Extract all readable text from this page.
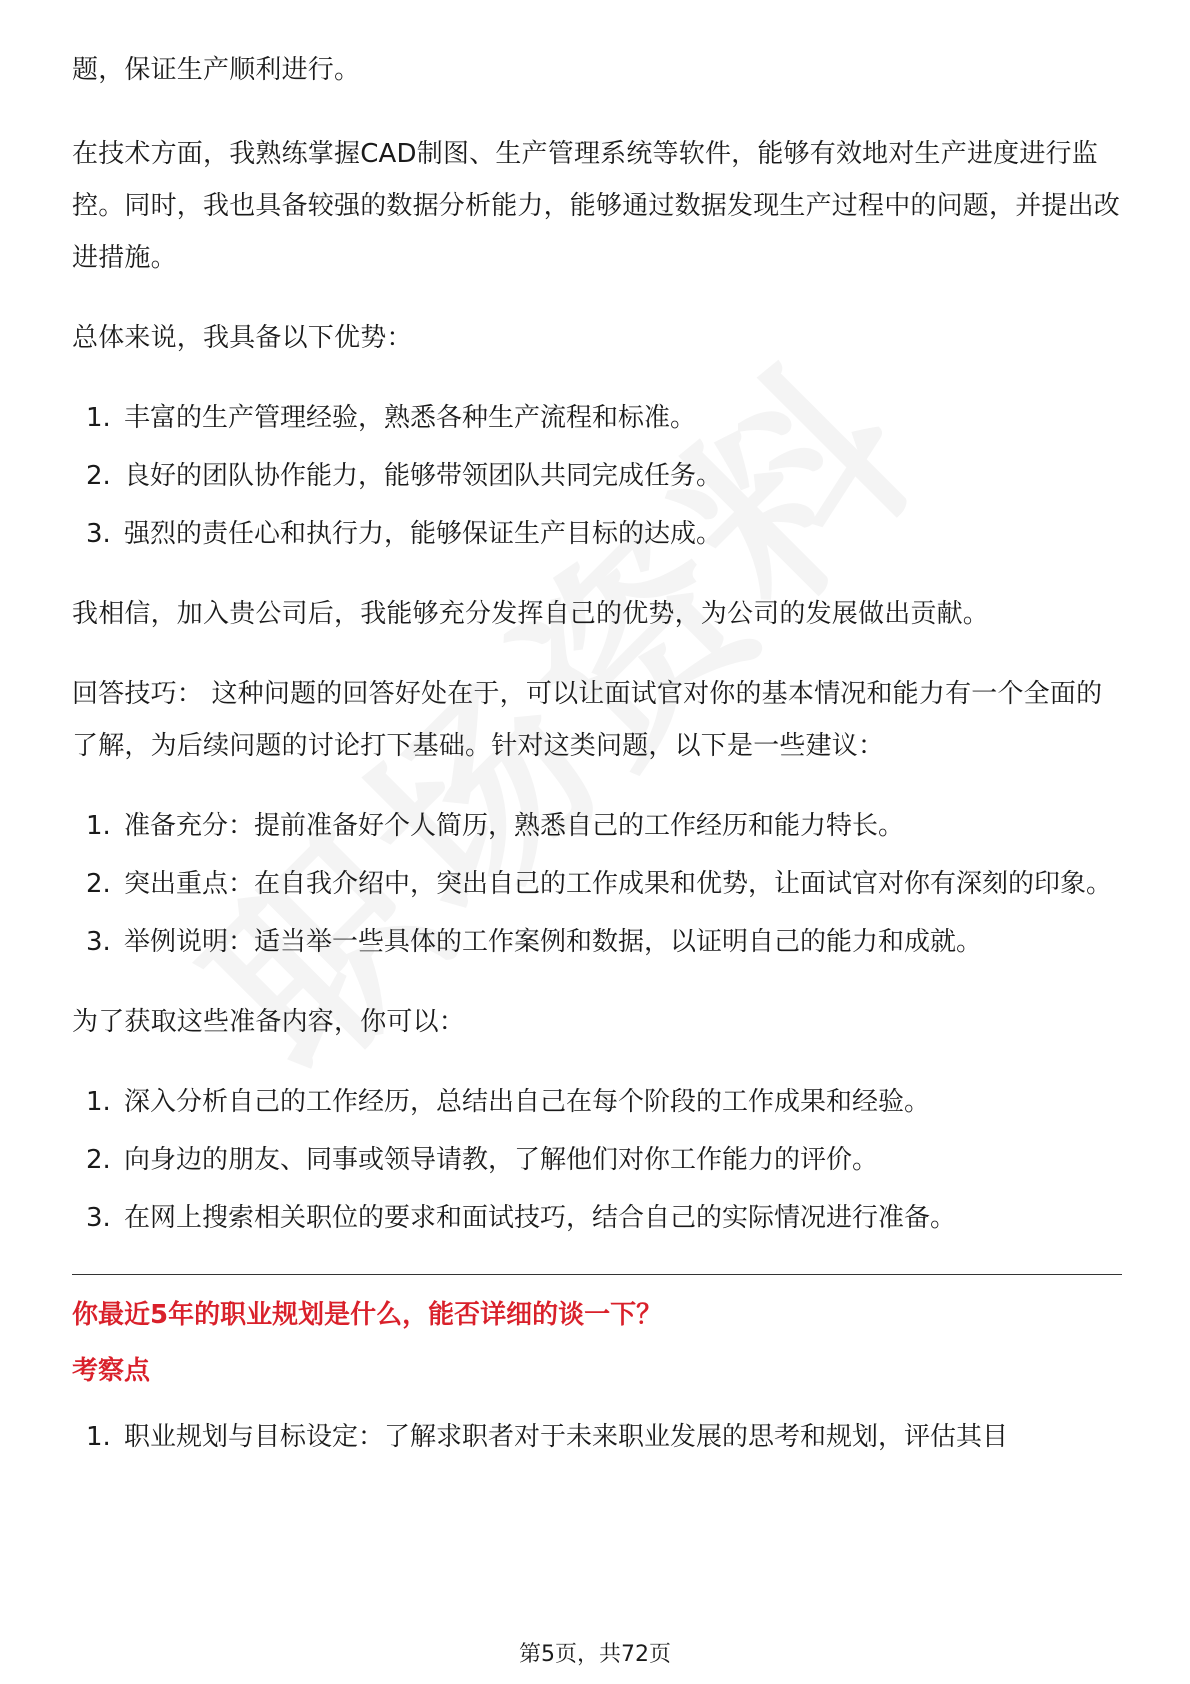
题，保证生产顺利进行。

在技术方面，我熟练掌握CAD制图、生产管理系统等软件，能够有效地对生产进度进行监控。同时，我也具备较强的数据分析能力，能够通过数据发现生产过程中的问题，并提出改进措施。

总体来说，我具备以下优势：

1. 丰富的生产管理经验，熟悉各种生产流程和标准。
2. 良好的团队协作能力，能够带领团队共同完成任务。
3. 强烈的责任心和执行力，能够保证生产目标的达成。

我相信，加入贵公司后，我能够充分发挥自己的优势，为公司的发展做出贡献。

回答技巧： 这种问题的回答好处在于，可以让面试官对你的基本情况和能力有一个全面的了解，为后续问题的讨论打下基础。针对这类问题，以下是一些建议：

1. 准备充分：提前准备好个人简历，熟悉自己的工作经历和能力特长。
2. 突出重点：在自我介绍中，突出自己的工作成果和优势，让面试官对你有深刻的印象。
3. 举例说明：适当举一些具体的工作案例和数据，以证明自己的能力和成就。

为了获取这些准备内容，你可以：

1. 深入分析自己的工作经历，总结出自己在每个阶段的工作成果和经验。
2. 向身边的朋友、同事或领导请教，了解他们对你工作能力的评价。
3. 在网上搜索相关职位的要求和面试技巧，结合自己的实际情况进行准备。
你最近5年的职业规划是什么，能否详细的谈一下？
考察点
1. 职业规划与目标设定：了解求职者对于未来职业发展的思考和规划，评估其目
第5页，共72页
